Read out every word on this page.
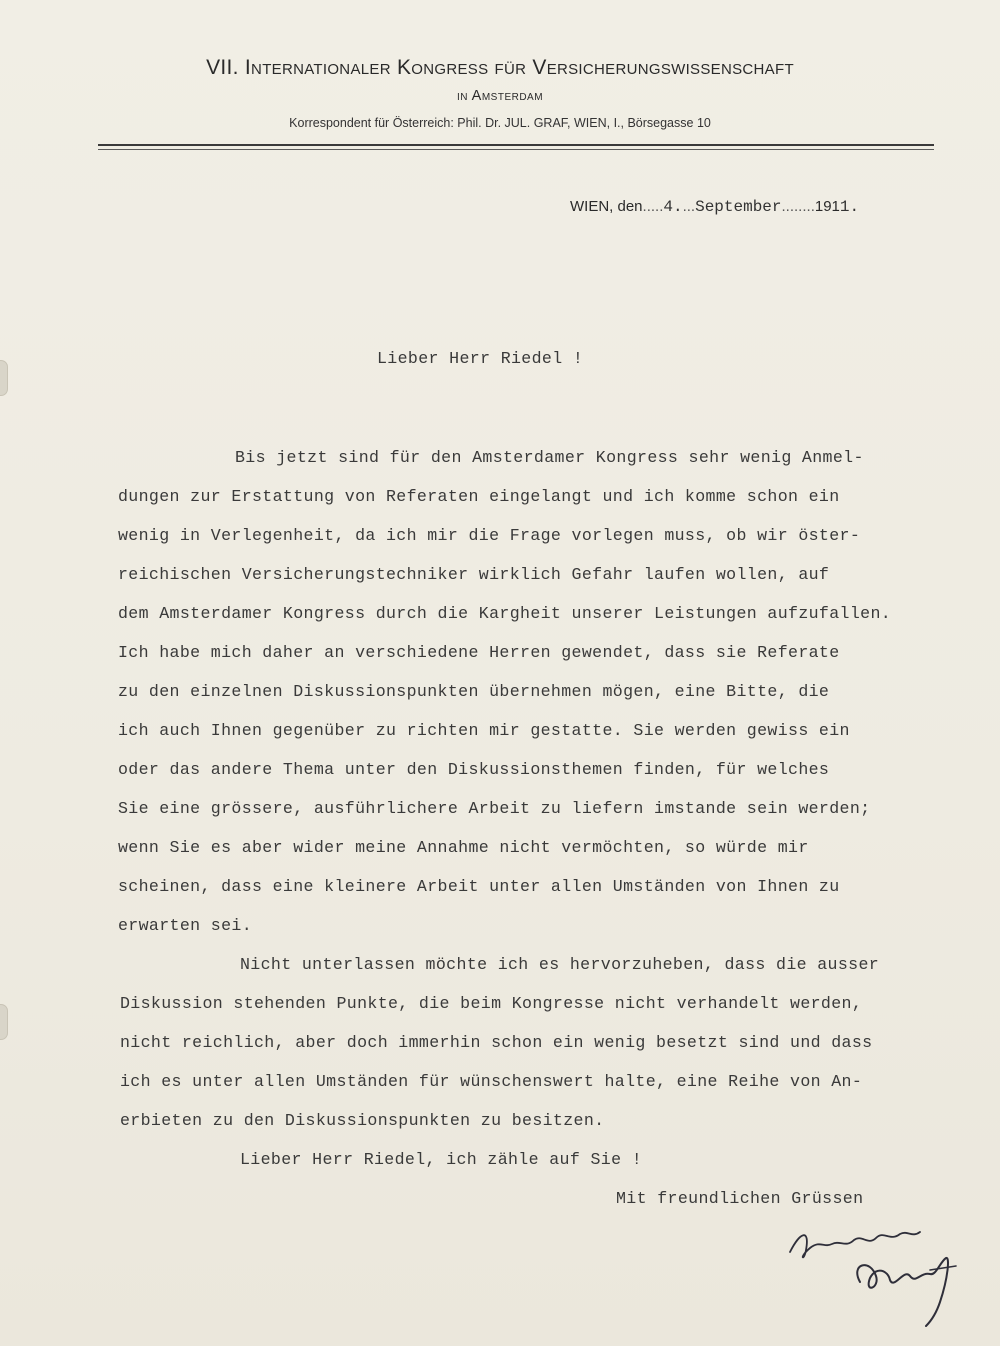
VII. Internationaler Kongress für Versicherungswissenschaft
in Amsterdam
Korrespondent für Österreich: Phil. Dr. JUL. GRAF, WIEN, I., Börsegasse 10
WIEN, den.....4....September........1911.
Lieber Herr Riedel !
Bis jetzt sind für den Amsterdamer Kongress sehr wenig Anmel-
dungen zur Erstattung von Referaten eingelangt und ich komme schon ein
wenig in Verlegenheit, da ich mir die Frage vorlegen muss, ob wir öster-
reichischen Versicherungstechniker wirklich Gefahr laufen wollen, auf
dem Amsterdamer Kongress durch die Kargheit unserer Leistungen aufzufallen.
Ich habe mich daher an verschiedene Herren gewendet, dass sie Referate
zu den einzelnen Diskussionspunkten übernehmen mögen, eine Bitte, die
ich auch Ihnen gegenüber zu richten mir gestatte. Sie werden gewiss ein
oder das andere Thema unter den Diskussionsthemen finden, für welches
Sie eine grössere, ausführlichere Arbeit zu liefern imstande sein werden;
wenn Sie es aber wider meine Annahme nicht vermöchten, so würde mir
scheinen, dass eine kleinere Arbeit unter allen Umständen von Ihnen zu
erwarten sei.
Nicht unterlassen möchte ich es hervorzuheben, dass die ausser
Diskussion stehenden Punkte, die beim Kongresse nicht verhandelt werden,
nicht reichlich, aber doch immerhin schon ein wenig besetzt sind und dass
ich es unter allen Umständen für wünschenswert halte, eine Reihe von An-
erbieten zu den Diskussionspunkten zu besitzen.
Lieber Herr Riedel, ich zähle auf Sie !
Mit freundlichen Grüssen
